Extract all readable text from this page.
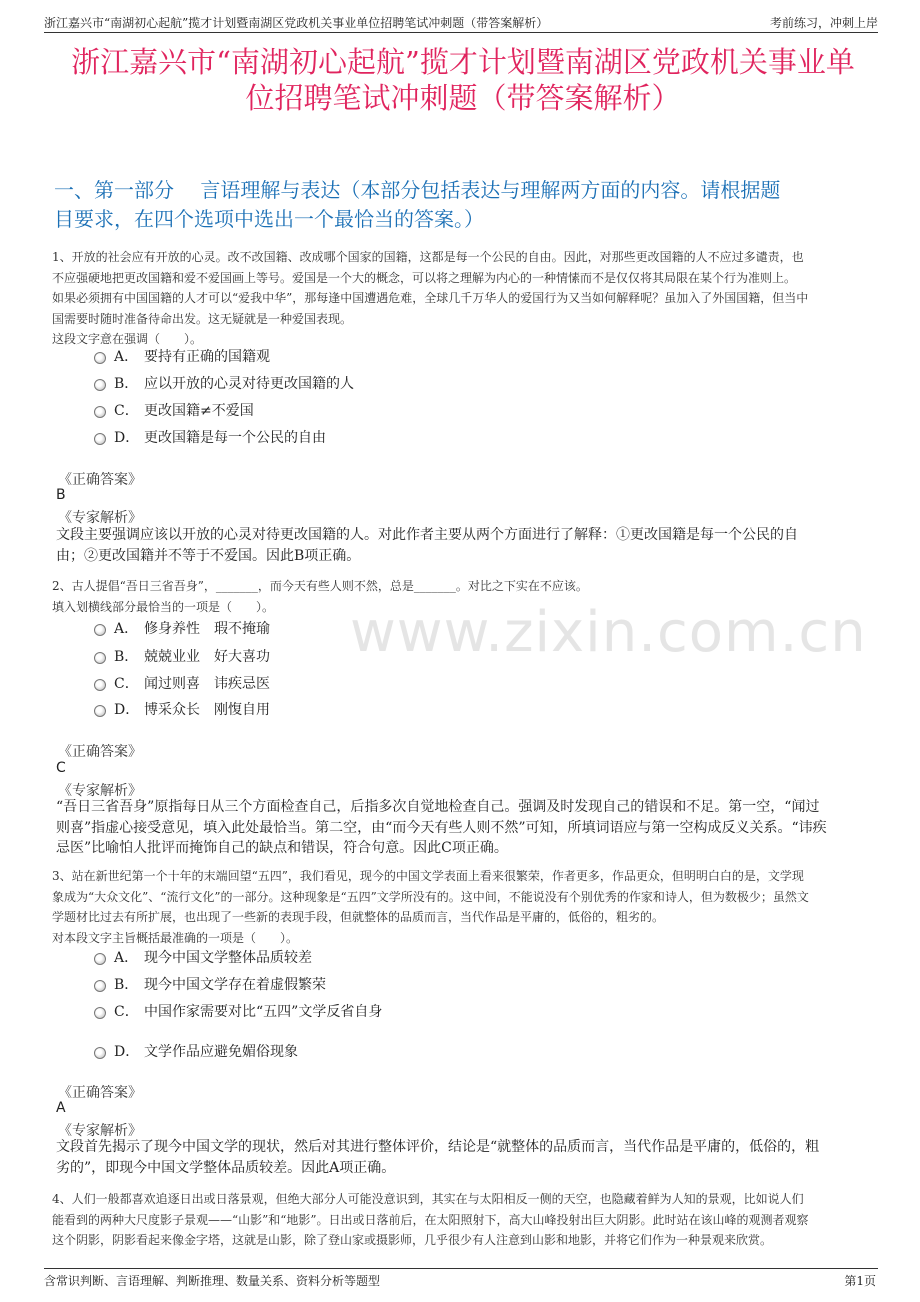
浙江嘉兴市“南湖初心起航”揽才计划暨南湖区党政机关事业单位招聘笔试冲刺题（带答案解析）	考前练习，冲刺上岸
浙江嘉兴市“南湖初心起航”揽才计划暨南湖区党政机关事业单
位招聘笔试冲刺题（带答案解析）
一、第一部分　 言语理解与表达（本部分包括表达与理解两方面的内容。请根据题
目要求，在四个选项中选出一个最恰当的答案。）
www.zixin.com.cn
1、开放的社会应有开放的心灵。改不改国籍、改成哪个国家的国籍，这都是每一个公民的自由。因此，对那些更改国籍的人不应过多谴责，也
不应强硬地把更改国籍和爱不爱国画上等号。爱国是一个大的概念，可以将之理解为内心的一种情愫而不是仅仅将其局限在某个行为准则上。
如果必须拥有中国国籍的人才可以“爱我中华”，那每逢中国遭遇危难，全球几千万华人的爱国行为又当如何解释呢？虽加入了外国国籍，但当中
国需要时随时准备待命出发。这无疑就是一种爱国表现。
这段文字意在强调（　　）。
A． 要持有正确的国籍观
B． 应以开放的心灵对待更改国籍的人
C． 更改国籍≠不爱国
D． 更改国籍是每一个公民的自由
《正确答案》
B
《专家解析》
文段主要强调应该以开放的心灵对待更改国籍的人。对此作者主要从两个方面进行了解释：①更改国籍是每一个公民的自
由；②更改国籍并不等于不爱国。因此B项正确。
2、古人提倡“吾日三省吾身”，_______，而今天有些人则不然，总是_______。对比之下实在不应该。
填入划横线部分最恰当的一项是（　　）。
A． 修身养性　瑕不掩瑜
B． 兢兢业业　好大喜功
C． 闻过则喜　讳疾忌医
D． 博采众长　刚愎自用
《正确答案》
C
《专家解析》
“吾日三省吾身”原指每日从三个方面检查自己，后指多次自觉地检查自己。强调及时发现自己的错误和不足。第一空，“闻过
则喜”指虚心接受意见，填入此处最恰当。第二空，由“而今天有些人则不然”可知，所填词语应与第一空构成反义关系。“讳疾
忌医”比喻怕人批评而掩饰自己的缺点和错误，符合句意。因此C项正确。
3、站在新世纪第一个十年的末端回望“五四”，我们看见，现今的中国文学表面上看来很繁荣，作者更多，作品更众，但明明白白的是，文学现
象成为“大众文化”、“流行文化”的一部分。这种现象是“五四”文学所没有的。这中间，不能说没有个别优秀的作家和诗人，但为数极少；虽然文
学题材比过去有所扩展，也出现了一些新的表现手段，但就整体的品质而言，当代作品是平庸的，低俗的，粗劣的。
对本段文字主旨概括最准确的一项是（　　）。
A． 现今中国文学整体品质较差
B． 现今中国文学存在着虚假繁荣
C． 中国作家需要对比“五四”文学反省自身
D． 文学作品应避免媚俗现象
《正确答案》
A
《专家解析》
文段首先揭示了现今中国文学的现状，然后对其进行整体评价，结论是“就整体的品质而言，当代作品是平庸的，低俗的，粗
劣的”，即现今中国文学整体品质较差。因此A项正确。
4、人们一般都喜欢追逐日出或日落景观，但绝大部分人可能没意识到，其实在与太阳相反一侧的天空，也隐藏着鲜为人知的景观，比如说人们
能看到的两种大尺度影子景观——“山影”和“地影”。日出或日落前后，在太阳照射下，高大山峰投射出巨大阴影。此时站在该山峰的观测者观察
这个阴影，阴影看起来像金字塔，这就是山影，除了登山家或摄影师，几乎很少有人注意到山影和地影，并将它们作为一种景观来欣赏。
含常识判断、言语理解、判断推理、数量关系、资料分析等题型	第1页
